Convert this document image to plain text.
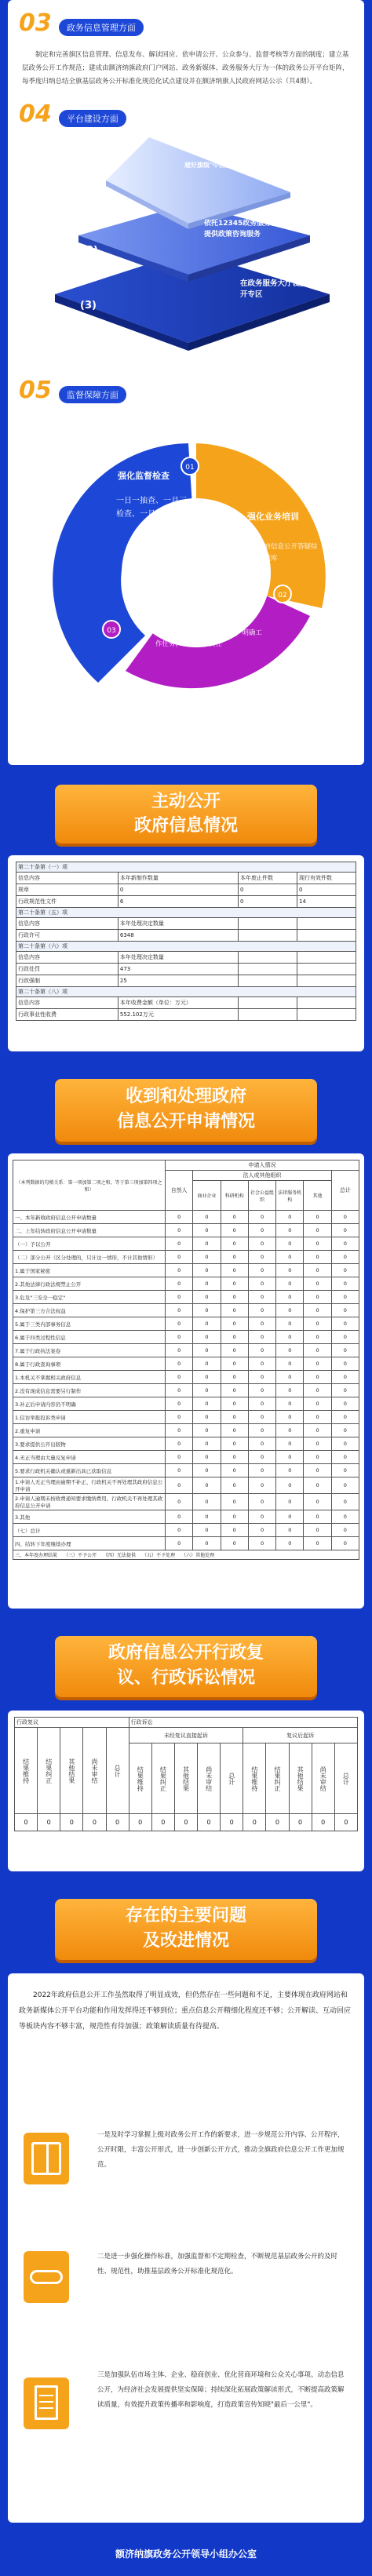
03 政务信息管理方面
制定和完善旗区信息管理、信息发布、解读回应、依申请公开、公众参与、监督考核等方面的制度；建立基层政务公开工作规范；建成由额济纳旗政府门户网站、政务新媒体、政务服务大厅为一体的政务公开平台矩阵，每季度归纳总结全旗基层政务公开标准化规范化试点建设并在额济纳旗人民政府网站公示（共4期）。
04 平台建设方面
(1)
(2)
(3)
建好旗级"中国额济纳"政府门户网站
依托12345政务服务便民热线为群众提供政策咨询服务
在政务服务大厅设置政务公开专区
05 监督保障方面
强化监督检查
一日一抽查、一月三检查、一月一通报
01
强化业务培训
政府信息公开答疑综合题库
02
强化责任分工
调整政务公开工作领导小组，明确工作任务，夯实工作责任
03
主动公开
政府信息情况
第二十条第（一）项			
信息内容	本年新制作数量	本年废止件数	现行有效件数
规章	0	0	0
行政规范性文件	6	0	14
第二十条第（五）项			
信息内容	本年处理决定数量		
行政许可	6348		
第二十条第（六）项			
信息内容	本年处理决定数量		
行政处罚	473		
行政强制	25		
第二十条第（八）项			
信息内容	本年收费金额（单位：万元）		
行政事业性收费	552.102万元		
收到和处理政府
信息公开申请情况
（本列数据的勾稽关系：第一项加第二项之和，等于第三项加第四项之和）	申请人情况						
	自然人	法人或其他组织					总计
		商业企业	科研机构	社会公益组织	法律服务机构	其他	
一、本年新收政府信息公开申请数量	0	0	0	0	0	0	0
二、上年结转政府信息公开申请数量	0	0	0	0	0	0	0
（一）予以公开	0	0	0	0	0	0	0
（二）部分公开（区分处理的，只计这一情形，不计其他情形）	0	0	0	0	0	0	0
1.属于国家秘密	0	0	0	0	0	0	0
2.其他法律行政法规禁止公开	0	0	0	0	0	0	0
3.危及"三安全一稳定"	0	0	0	0	0	0	0
4.保护第三方合法权益	0	0	0	0	0	0	0
5.属于三类内部事务信息	0	0	0	0	0	0	0
6.属于四类过程性信息	0	0	0	0	0	0	0
7.属于行政执法案卷	0	0	0	0	0	0	0
8.属于行政查询事项	0	0	0	0	0	0	0
1.本机关不掌握相关政府信息	0	0	0	0	0	0	0
2.没有现成信息需要另行制作	0	0	0	0	0	0	0
3.补正后申请内容仍不明确	0	0	0	0	0	0	0
1.信访举报投诉类申请	0	0	0	0	0	0	0
2.重复申请	0	0	0	0	0	0	0
3.要求提供公开出版物	0	0	0	0	0	0	0
4.无正当理由大量反复申请	0	0	0	0	0	0	0
5.要求行政机关确认或重新出具已获取信息	0	0	0	0	0	0	0
1.申请人无正当理由逾期不补正、行政机关不再处理其政府信息公开申请	0	0	0	0	0	0	0
2.申请人逾期未按收费通知要求缴纳费用、行政机关不再处理其政府信息公开申请	0	0	0	0	0	0	0
3.其他	0	0	0	0	0	0	0
（七）总计	0	0	0	0	0	0	0
四、结转下年度继续办理	0	0	0	0	0	0	0
三、本年度办理结果 （三）不予公开 （四）无法提供 （五）不予处理 （六）其他处理							
政府信息公开行政复
议、行政诉讼情况
行政复议					行政诉讼									
结果维持	结果纠正	其他结果	尚未审结	总计	未经复议直接起诉					复议后起诉				
					结果维持	结果纠正	其他结果	尚未审结	总计	结果维持	结果纠正	其他结果	尚未审结	总计
0	0	0	0	0	0	0	0	0	0	0	0	0	0	0
存在的主要问题
及改进情况
2022年政府信息公开工作虽然取得了明显成效，但仍然存在一些问题和不足，主要体现在政府网站和政务新媒体公开平台功能和作用发挥得还不够到位；重点信息公开精细化程度还不够；公开解读、互动回应等板块内容不够丰富，规范性有待加强；政策解读质量有待提高。
一是及时学习掌握上级对政务公开工作的新要求，进一步规范公开内容、公开程序，公开时限，丰富公开形式，进一步创新公开方式，推动全旗政府信息公开工作更加规范。
二是进一步强化操作标准，加强监督和不定期检查，不断规范基层政务公开的及时性、规范性，助推基层政务公开标准化规范化。
三是加强队伍市场主体、企业、稳商创业、优化营商环境和公众关心事项、动态信息公开，为经济社会发展提供坚实保障；持续深化拓展政策解读形式，不断提高政策解读质量，有效提升政策传播率和影响度，打造政策宣传知晓"最后一公里"。
额济纳旗政务公开领导小组办公室
